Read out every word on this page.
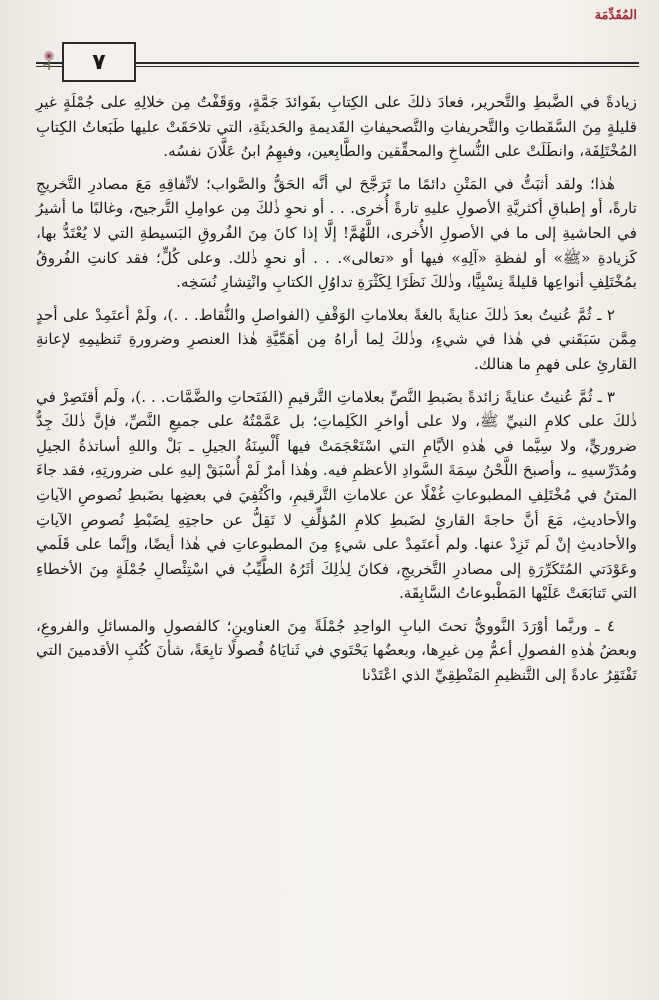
المُقَدِّمَة
٧

زيادةً في الضَّبطِ والتَّحرير، فعادَ ذلكَ على الكِتابِ بفَوائدَ جَمَّةٍ، ووَقَفْتُ مِن خلالِهِ على جُمْلَةٍ غيرِ قليلةٍ مِنَ السَّقَطاتِ والتَّحريفاتِ والتَّصحيفاتِ القَديمةِ والحَديثَةِ، التي تلاحَقَتْ عليها طَبَعاتُ الكِتابِ المُخْتَلِفَة، وانطَلَتْ على النُّساخِ والمحقِّقين والطَّابِعين، وفيهِمُ ابنُ عَلَّانَ نفسُه.

هٰذا؛ ولقد أثبَتُّ في المَتْنِ دائمًا ما تَرَجَّحَ لي أنَّه الحَقُّ والصَّواب؛ لاتِّفاقِهِ مَعَ مصادرِ التَّخريجِ تارةً، أو إطباقِ أكثريَّةِ الأصولِ عليهِ تارةً أُخرى. . . أو نحوِ ذٰلكَ مِن عوامِلِ التَّرجيح، وغالبًا ما أشيرُ في الحاشيةِ إلى ما في الأصولِ الأُخرى، اللَّهُمَّ! إلَّا إذا كانَ مِنَ الفُروقِ البَسيطةِ التي لا يُعْتَدُّ بها، كَزيادةِ «ﷺ» أو لفظةِ «آلِهِ» فيها أو «تعالى». . . أو نحوِ ذٰلك. وعلى كُلٍّ؛ فقد كانتِ الفُروقُ بمُخْتَلِفِ أنواعِها قليلةً نِسْبِيًّا، وذٰلكَ نَظَرًا لِكَثْرَةِ تداوُلِ الكتابِ وانْتِشارِ نُسَخِه.

٢ ـ ثُمَّ عُنيتُ بعدَ ذٰلكَ عنايةً بالغةً بعلاماتِ الوَقْفِ (الفواصلِ والنُّقاط. . .)، ولَمْ أعتَمِدْ على أحدٍ مِمَّن سَبَقَني في هٰذا في شيءٍ، وذٰلكَ لِما أراهُ مِن أهَمِّيَّةِ هٰذا العنصرِ وضرورةِ تَنظيمِهِ لإعانةِ القارئِ على فهمِ ما هنالك.

٣ ـ ثُمَّ عُنيتُ عنايةً زائدةً بضَبطِ النَّصِّ بعلاماتِ التَّرقيمِ (الفَتَحاتِ والضَّمَّات. . .)، ولَم أقتَصِرْ في ذٰلكَ على كلامِ النبيِّ ﷺ، ولا على أواخرِ الكَلِماتِ؛ بل عَمَّمْتُهُ على جميعِ النَّصِّ، فإنَّ ذٰلكَ جِدُّ ضروريٍّ، ولا سِيَّما في هٰذهِ الأيَّامِ التي اسْتَعْجَمَتْ فيها أَلْسِنَةُ الجيلِ ـ بَلْ واللهِ أساتذةُ الجيلِ ومُدَرِّسيهِ ـ، وأصبحَ اللَّحْنُ سِمَةَ السَّوادِ الأعظمِ فيه. وهٰذا أمرٌ لَمْ أُسْبَقْ إليهِ على ضرورتِهِ، فقد جاءَ المتنُ في مُخْتَلِفِ المطبوعاتِ غُفْلًا عن علاماتِ التَّرقيمِ، واكْتُفِيَ في بعضِها بضَبطِ نُصوصِ الآياتِ والأحاديثِ، مَعَ أنَّ حاجةَ القارئِ لضَبطِ كلامِ المُؤلِّفِ لا تَقِلُّ عن حاجتِهِ لِضَبْطِ نُصوصِ الآياتِ والأحاديثِ إنْ لَم تَزِدْ عنها. ولم أعتَمِدْ على شيءٍ مِنَ المطبوعاتِ في هٰذا أيضًا، وإنَّما على قَلَمي وعَوْدَتي المُتَكَرِّرَةِ إلى مصادرِ التَّخريجِ، فكانَ لِذٰلِكَ أثَرُهُ الطَّيِّبُ في اسْتِئْصالِ جُمْلَةٍ مِنَ الأخطاءِ التي تَتابَعَتْ عَلَيْها المَطْبوعاتُ السَّابِقَة.

٤ ـ وربَّما أوْرَدَ النَّوويُّ تحتَ البابِ الواحِدِ جُمْلَةً مِنَ العناوينِ؛ كالفصولِ والمسائلِ والفروعِ، وبعضُ هٰذهِ الفصولِ أعمُّ مِن غيرِها، وبعضُها يَحْتَوي في ثَنايَاهُ فُصولًا تابِعَةً، شأنَ كُتُبِ الأقدمينَ التي تَفْتَقِرُ عادةً إلى التَّنظيمِ المَنْطِقِيِّ الذي اعْتَدْنا
